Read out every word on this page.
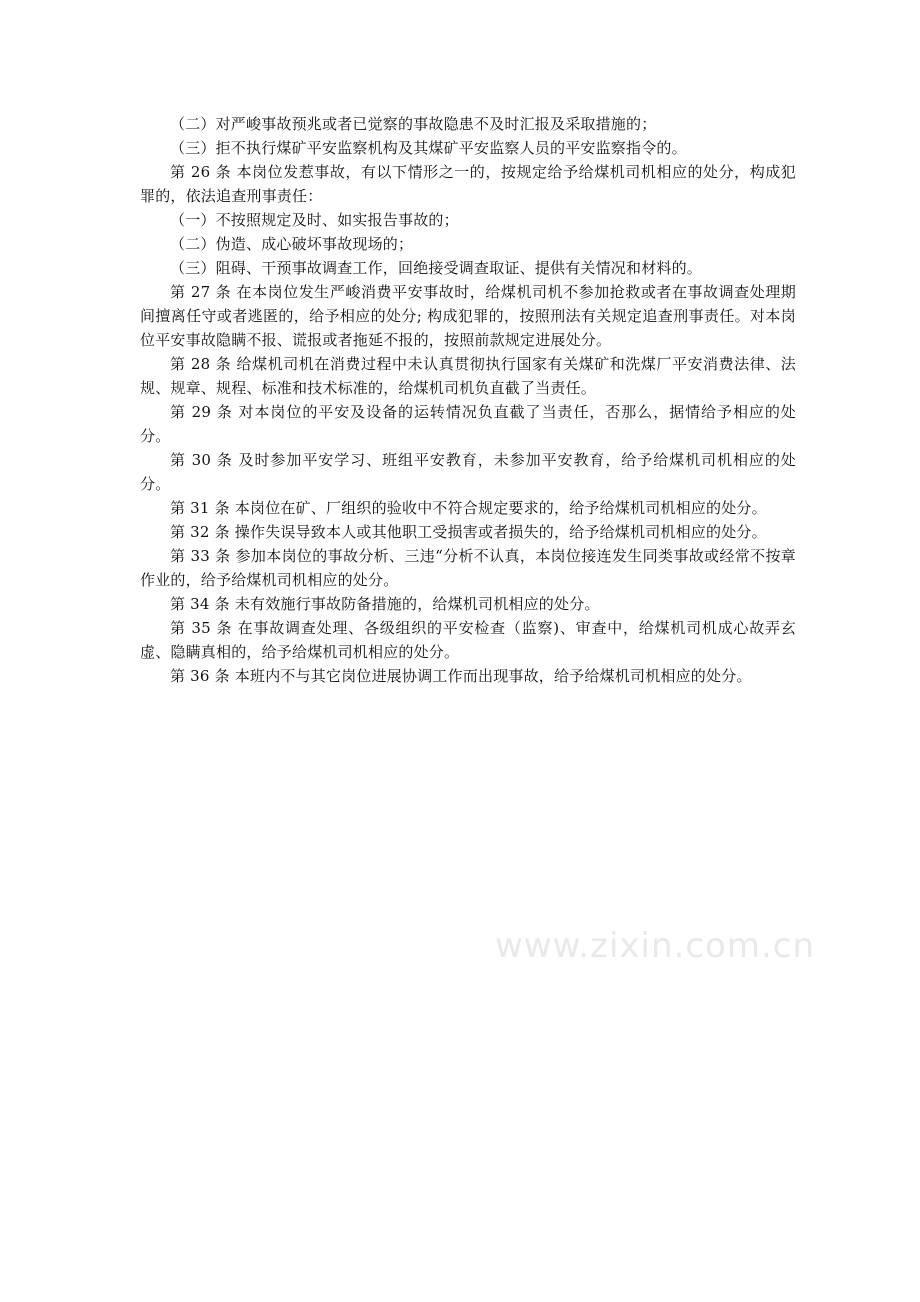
（二）对严峻事故预兆或者已觉察的事故隐患不及时汇报及采取措施的；

（三）拒不执行煤矿平安监察机构及其煤矿平安监察人员的平安监察指令的。

第 26 条 本岗位发惹事故，有以下情形之一的，按规定给予给煤机司机相应的处分，构成犯罪的，依法追查刑事责任：

（一）不按照规定及时、如实报告事故的；

（二）伪造、成心破坏事故现场的；

（三）阻碍、干预事故调查工作，回绝接受调查取证、提供有关情况和材料的。

第 27 条 在本岗位发生严峻消费平安事故时，给煤机司机不参加抢救或者在事故调查处理期间擅离任守或者逃匿的，给予相应的处分; 构成犯罪的，按照刑法有关规定追查刑事责任。对本岗位平安事故隐瞒不报、谎报或者拖延不报的，按照前款规定进展处分。

第 28 条 给煤机司机在消费过程中未认真贯彻执行国家有关煤矿和洗煤厂平安消费法律、法规、规章、规程、标准和技术标准的，给煤机司机负直截了当责任。

第 29 条 对本岗位的平安及设备的运转情况负直截了当责任，否那么，据情给予相应的处分。

第 30 条 及时参加平安学习、班组平安教育，未参加平安教育，给予给煤机司机相应的处分。

第 31 条 本岗位在矿、厂组织的验收中不符合规定要求的，给予给煤机司机相应的处分。

第 32 条 操作失误导致本人或其他职工受损害或者损失的，给予给煤机司机相应的处分。

第 33 条 参加本岗位的事故分析、三违“分析不认真，本岗位接连发生同类事故或经常不按章作业的，给予给煤机司机相应的处分。

第 34 条 未有效施行事故防备措施的，给煤机司机相应的处分。

第 35 条 在事故调查处理、各级组织的平安检查（监察)、审查中，给煤机司机成心故弄玄虚、隐瞒真相的，给予给煤机司机相应的处分。

第 36 条 本班内不与其它岗位进展协调工作而出现事故，给予给煤机司机相应的处分。

www.zixin.com.cn
